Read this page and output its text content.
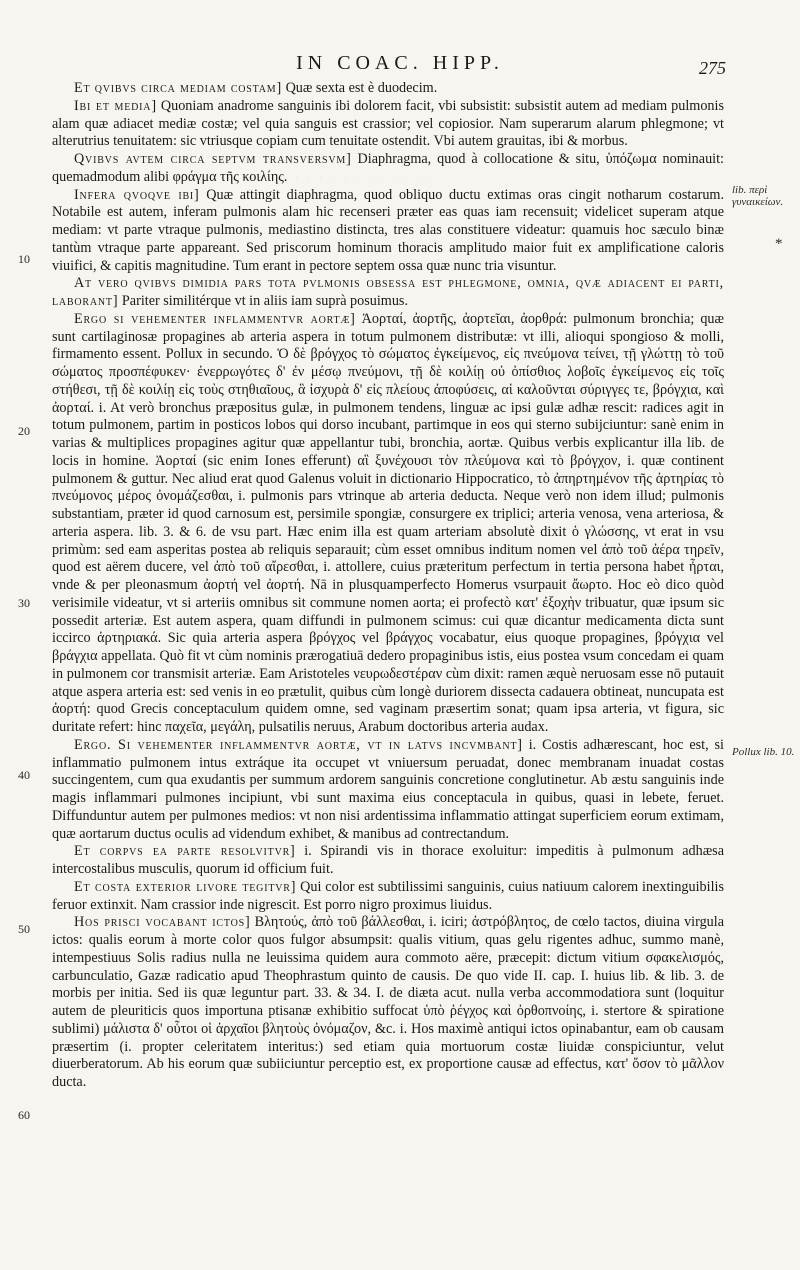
IN COAC. HIPP.	275
· · · · · · · · · · · · · ·

Et qvibvs circa mediam costam] Quæ sexta est è duodecim.

Ibi et media] Quoniam anadrome sanguinis ibi dolorem facit, vbi subsistit: subsistit autem ad mediam pulmonis alam quæ adiacet mediæ costæ; vel quia sanguis est crassior; vel copiosior. Nam superarum alarum phlegmone; vt alterutrius tenuitatem: sic vtriusque copiam cum tenuitate ostendit. Vbi autem grauitas, ibi & morbus.

Qvibvs avtem circa septvm transversvm] Diaphragma, quod à collocatione & situ, ὑπόζωμα nominauit: quemadmodum alibi φράγμα τῆς κοιλίης.

Infera qvoqve ibi] Quæ attingit diaphragma, quod obliquo ductu extimas oras cingit notharum costarum. Notabile est autem, inferam pulmonis alam hic recenseri præter eas quas iam recensuit; videlicet superam atque mediam: vt parte vtraque pulmonis, mediastino distincta, tres alas constituere videatur: quamuis hoc sæculo binæ tantùm vtraque parte appareant. Sed priscorum hominum thoracis amplitudo maior fuit ex amplificatione caloris viuifici, & capitis magnitudine. Tum erant in pectore septem ossa quæ nunc tria visuntur.

At vero qvibvs dimidia pars tota pvlmonis obsessa est phlegmone, omnia, qvæ adiacent ei parti, laborant] Pariter similitérque vt in aliis iam suprà posuimus.

Ergo si vehementer inflammentvr aortæ] Ἀορταί, ἀορτῆς, ἀορτεῖαι, ἀορθρά: pulmonum bronchia; quæ sunt cartilaginosæ propagines ab arteria aspera in totum pulmonem distributæ: vt illi, alioqui spongioso & molli, firmamento essent. Pollux in secundo. Ὁ δὲ βρόγχος τὸ σώματος ἐγκείμενος, εἰς πνεύμονα τείνει, τῇ γλώττῃ τὸ τοῦ σώματος προσπέφυκεν· ἐνερρωγότες δ' ἐν μέσῳ πνεύμονι, τῇ δὲ κοιλίῃ οὐ ὀπίσθιος λοβοῖς ἐγκείμενος εἰς τοῖς στήθεσι, τῇ δὲ κοιλίῃ εἰς τοὺς στηθιαῖους, ἃ ἰσχυρὰ δ' εἰς πλείους ἀποφύσεις, αἱ καλοῦνται σύριγγες τε, βρόγχια, καὶ ἀορταί. i. At verò bronchus præpositus gulæ, in pulmonem tendens, linguæ ac ipsi gulæ adhæ rescit: radices agit in totum pulmonem, partim in posticos lobos qui dorso incubant, partimque in eos qui sterno subijciuntur: sanè enim in varias & multiplices propagines agitur quæ appellantur tubi, bronchia, aortæ. Quibus verbis explicantur illa lib. de locis in homine. Ἀορταί (sic enim Iones efferunt) αἳ ξυνέχουσι τὸν πλεύμονα καὶ τὸ βρόγχον, i. quæ continent pulmonem & guttur. Nec aliud erat quod Galenus voluit in dictionario Hippocratico, τὸ ἀπηρτημένον τῆς ἀρτηρίας τὸ πνεύμονος μέρος ὀνομάζεσθαι, i. pulmonis pars vtrinque ab arteria deducta. Neque verò non idem illud; pulmonis substantiam, præter id quod carnosum est, persimile spongiæ, consurgere ex triplici; arteria venosa, vena arteriosa, & arteria aspera. lib. 3. & 6. de vsu part. Hæc enim illa est quam arteriam absolutè dixit ὁ γλώσσης, vt erat in vsu primùm: sed eam asperitas postea ab reliquis separauit; cùm esset omnibus inditum nomen vel ἀπὸ τοῦ ἀέρα τηρεῖν, quod est aërem ducere, vel ἀπὸ τοῦ αἴρεσθαι, i. attollere, cuius præteritum perfectum in tertia persona habet ἦρται, vnde & per pleonasmum ἀορτή vel ἀορτή. Nā in plusquamperfecto Homerus vsurpauit ἄωρτο. Hoc eò dico quòd verisimile videatur, vt si arteriis omnibus sit commune nomen aorta; ei profectò κατ' ἐξοχὴν tribuatur, quæ ipsum sic possedit arteriæ. Est autem aspera, quam diffundi in pulmonem scimus: cui quæ dicantur medicamenta dicta sunt iccirco ἀρτηριακά. Sic quia arteria aspera βρόγχος vel βράγχος vocabatur, eius quoque propagines, βρόγχια vel βράγχια appellata. Quò fit vt cùm nominis prærogatiuā dedero propaginibus istis, eius postea vsum concedam ei quam in pulmonem cor transmisit arteriæ. Eam Aristoteles νευρωδεστέραν cùm dixit: ramen æquè neruosam esse nō putauit atque aspera arteria est: sed venis in eo prætulit, quibus cùm longè duriorem dissecta cadauera obtineat, nuncupata est ἀορτή: quod Grecis conceptaculum quidem omne, sed vaginam præsertim sonat; quam ipsa arteria, vt figura, sic duritate refert: hinc παχεῖα, μεγάλη, pulsatilis neruus, Arabum doctoribus arteria audax.

Ergo. Si vehementer inflammentvr aortæ, vt in latvs incvmbant] i. Costis adhærescant, hoc est, si inflammatio pulmonem intus extráque ita occupet vt vniuersum peruadat, donec membranam inuadat costas succingentem, cum qua exudantis per summum ardorem sanguinis concretione conglutinetur. Ab æstu sanguinis inde magis inflammari pulmones incipiunt, vbi sunt maxima eius conceptacula in quibus, quasi in lebete, feruet. Diffunduntur autem per pulmones medios: vt non nisi ardentissima inflammatio attingat superficiem eorum extimam, quæ aortarum ductus oculis ad videndum exhibet, & manibus ad contrectandum.

Et corpvs ea parte resolvitvr] i. Spirandi vis in thorace exoluitur: impeditis à pulmonum adhæsa intercostalibus musculis, quorum id officium fuit.

Et costa exterior livore tegitvr] Qui color est subtilissimi sanguinis, cuius natiuum calorem inextinguibilis feruor extinxit. Nam crassior inde nigrescit. Est porro nigro proximus liuidus.

Hos prisci vocabant ictos] Βλητούς, ἀπὸ τοῦ βάλλεσθαι, i. iciri; ἀστρόβλητος, de cœlo tactos, diuina virgula ictos: qualis eorum à morte color quos fulgor absumpsit: qualis vitium, quas gelu rigentes adhuc, summo manè, intempestiuus Solis radius nulla ne leuissima quidem aura commoto aëre, præcepit: dictum vitium σφακελισμός, carbunculatio, Gazæ radicatio apud Theophrastum quinto de causis. De quo vide II. cap. I. huius lib. & lib. 3. de morbis per initia. Sed iis quæ leguntur part. 33. & 34. I. de diæta acut. nulla verba accommodatiora sunt (loquitur autem de pleuriticis quos importuna ptisanæ exhibitio suffocat ὑπὸ ῥέγχος καὶ ὀρθοπνοίης, i. stertore & spiratione sublimi) μάλιστα δ' οὗτοι οἱ ἀρχαῖοι βλητοὺς ὀνόμαζον, &c. i. Hos maximè antiqui ictos opinabantur, eam ob causam præsertim (i. propter celeritatem interitus:) sed etiam quia mortuorum costæ liuidæ conspiciuntur, velut diuerberatorum. Ab his eorum quæ subiiciuntur perceptio est, ex proportione causæ ad effectus, κατ' ὅσον τὸ μᾶλλον ducta.

lib. περὶ γυναικείων.
*
Pollux lib. 10.
10
20
30
40
50
60
